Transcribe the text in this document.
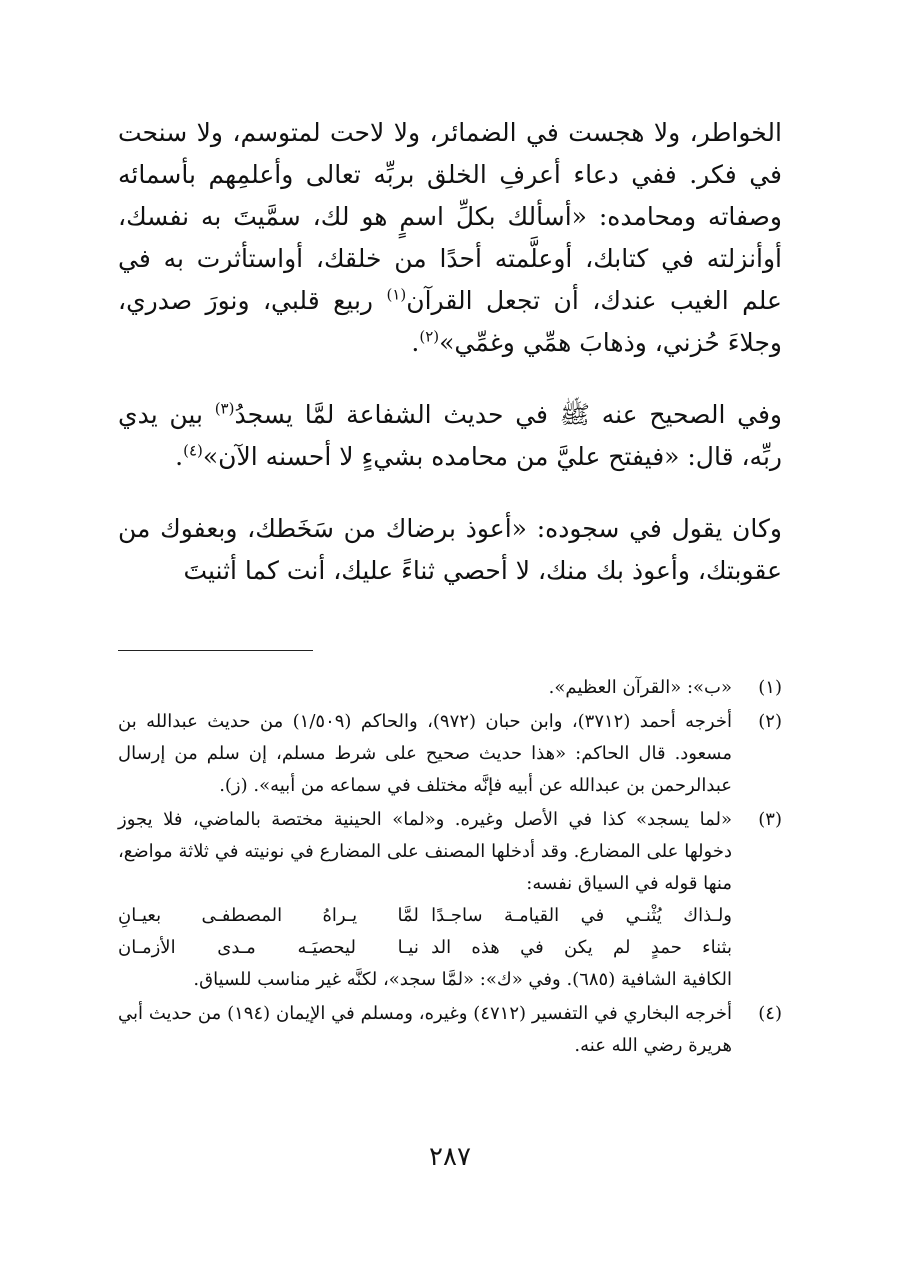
الخواطر، ولا هجست في الضمائر، ولا لاحت لمتوسم، ولا سنحت في فكر. ففي دعاء أعرفِ الخلق بربِّه تعالى وأعلمِهم بأسمائه وصفاته ومحامده: «أسألك بكلِّ اسمٍ هو لك، سمَّيتَ به نفسك، أوأنزلته في كتابك، أوعلَّمته أحدًا من خلقك، أواستأثرت به في علم الغيب عندك، أن تجعل القرآن$^{(١)}$ ربيع قلبي، ونورَ صدري، وجلاءَ حُزني، وذهابَ همِّي وغمِّي»$^{(٢)}$.

وفي الصحيح عنه ﷺ في حديث الشفاعة لمَّا يسجدُ$^{(٣)}$ بين يدي ربِّه، قال: «فيفتح عليَّ من محامده بشيءٍ لا أحسنه الآن»$^{(٤)}$.

وكان يقول في سجوده: «أعوذ برضاك من سَخَطك، وبعفوك من عقوبتك، وأعوذ بك منك، لا أحصي ثناءً عليك، أنت كما أثنيتَ

(١)
«ب»: «القرآن العظيم».
(٢)
أخرجه أحمد (٣٧١٢)، وابن حبان (٩٧٢)، والحاكم (١/٥٠٩) من حديث عبدالله بن مسعود. قال الحاكم: «هذا حديث صحيح على شرط مسلم، إن سلم من إرسال عبدالرحمن بن عبدالله عن أبيه فإنَّه مختلف في سماعه من أبيه». (ز).
(٣)
«لما يسجد» كذا في الأصل وغيره. و«لما» الحينية مختصة بالماضي، فلا يجوز دخولها على المضارع. وقد أدخلها المصنف على المضارع في نونيته في ثلاثة مواضع، منها قوله في السياق نفسه:
ولـذاك يُثْنـي في القيامـة ساجـدًا
لمَّا يـراهُ المصطفـى بعيـانِ
بثناء حمدٍ لم يكن في هذه الد
نيـا ليحصيَـه مـدى الأزمـان
الكافية الشافية (٦٨٥). وفي «ك»: «لمَّا سجد»، لكنَّه غير مناسب للسياق.
(٤)
أخرجه البخاري في التفسير (٤٧١٢) وغيره، ومسلم في الإيمان (١٩٤) من حديث أبي هريرة رضي الله عنه.
٢٨٧
